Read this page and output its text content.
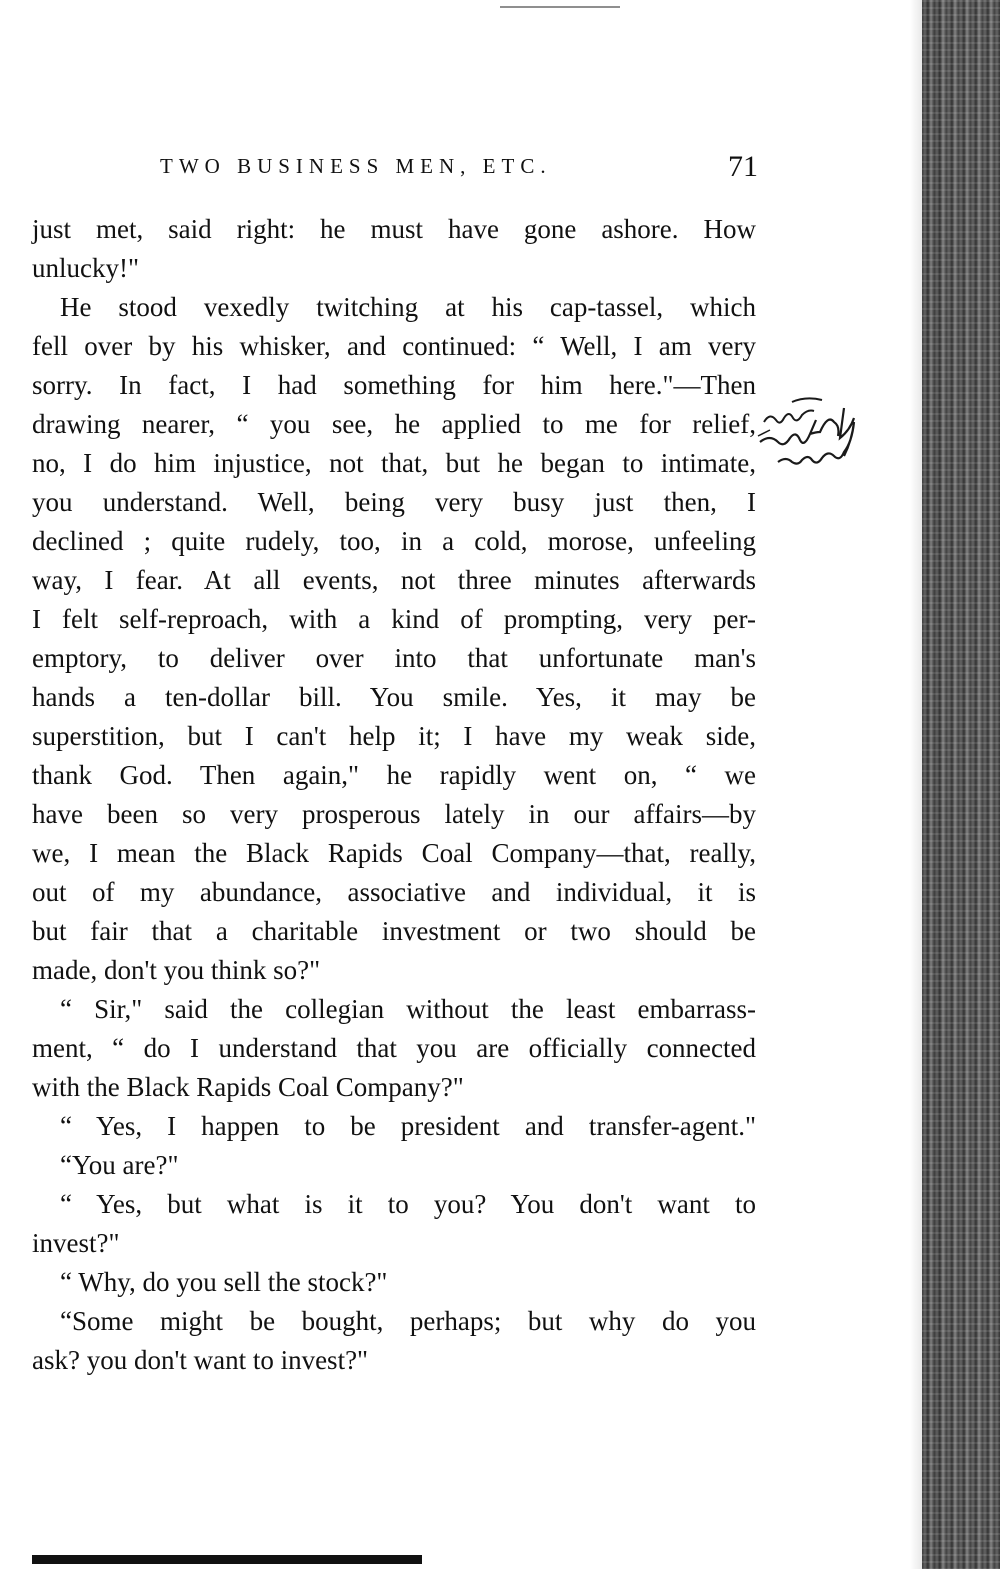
TWO BUSINESS MEN, ETC.	71
just met, said right: he must have gone ashore. How
unlucky!"
He stood vexedly twitching at his cap-tassel, which
fell over by his whisker, and continued: “ Well, I am very
sorry. In fact, I had something for him here."—Then
drawing nearer, “ you see, he applied to me for relief,
no, I do him injustice, not that, but he began to intimate,
you understand. Well, being very busy just then, I
declined ; quite rudely, too, in a cold, morose, unfeeling
way, I fear. At all events, not three minutes afterwards
I felt self-reproach, with a kind of prompting, very per-
emptory, to deliver over into that unfortunate man's
hands a ten-dollar bill. You smile. Yes, it may be
superstition, but I can't help it; I have my weak side,
thank God. Then again," he rapidly went on, “ we
have been so very prosperous lately in our affairs—by
we, I mean the Black Rapids Coal Company—that, really,
out of my abundance, associative and individual, it is
but fair that a charitable investment or two should be
made, don't you think so?"
“ Sir," said the collegian without the least embarrass-
ment, “ do I understand that you are officially connected
with the Black Rapids Coal Company?"
“ Yes, I happen to be president and transfer-agent."
“You are?"
“ Yes, but what is it to you? You don't want to
invest?"
“ Why, do you sell the stock?"
“Some might be bought, perhaps; but why do you
ask? you don't want to invest?"
